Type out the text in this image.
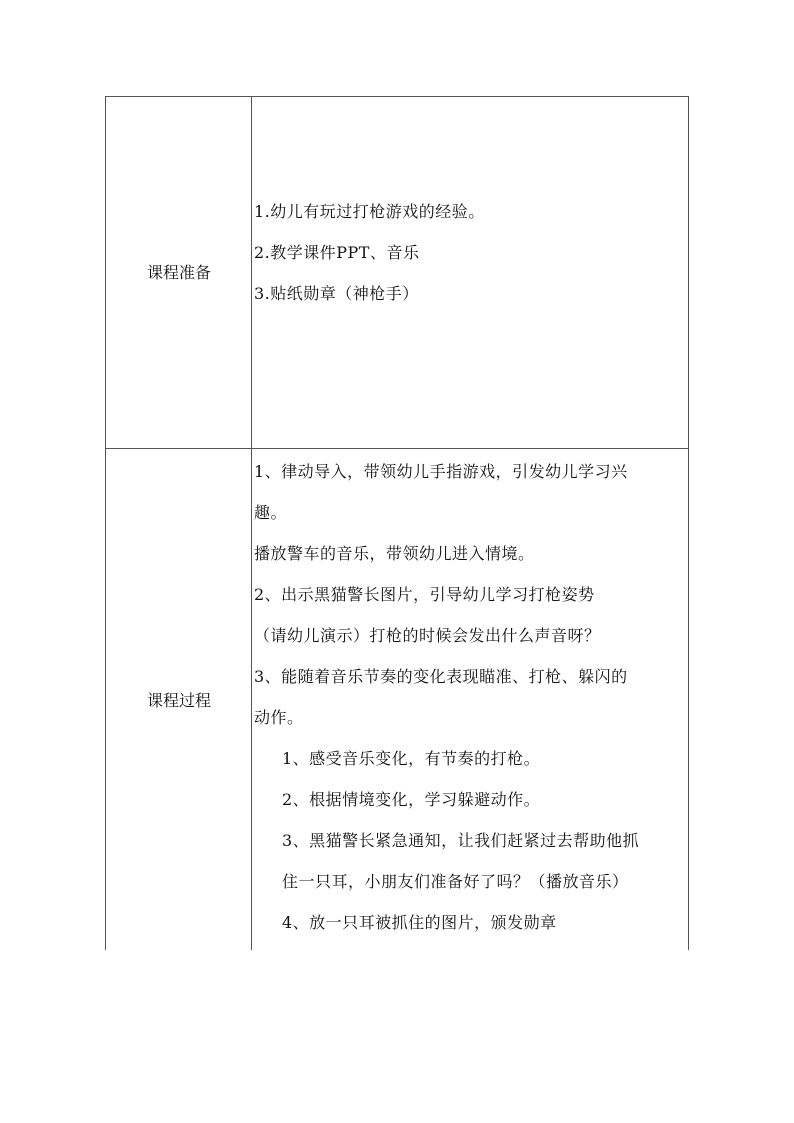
课程准备
1.幼儿有玩过打枪游戏的经验。
2.教学课件PPT、音乐
3.贴纸勋章（神枪手）
课程过程
1、律动导入，带领幼儿手指游戏，引发幼儿学习兴
趣。
播放警车的音乐，带领幼儿进入情境。
2、出示黑猫警长图片，引导幼儿学习打枪姿势
（请幼儿演示）打枪的时候会发出什么声音呀？
3、能随着音乐节奏的变化表现瞄准、打枪、躲闪的
动作。
1、感受音乐变化，有节奏的打枪。
2、根据情境变化，学习躲避动作。
3、黑猫警长紧急通知，让我们赶紧过去帮助他抓
住一只耳，小朋友们准备好了吗？（播放音乐）
4、放一只耳被抓住的图片，颁发勋章
